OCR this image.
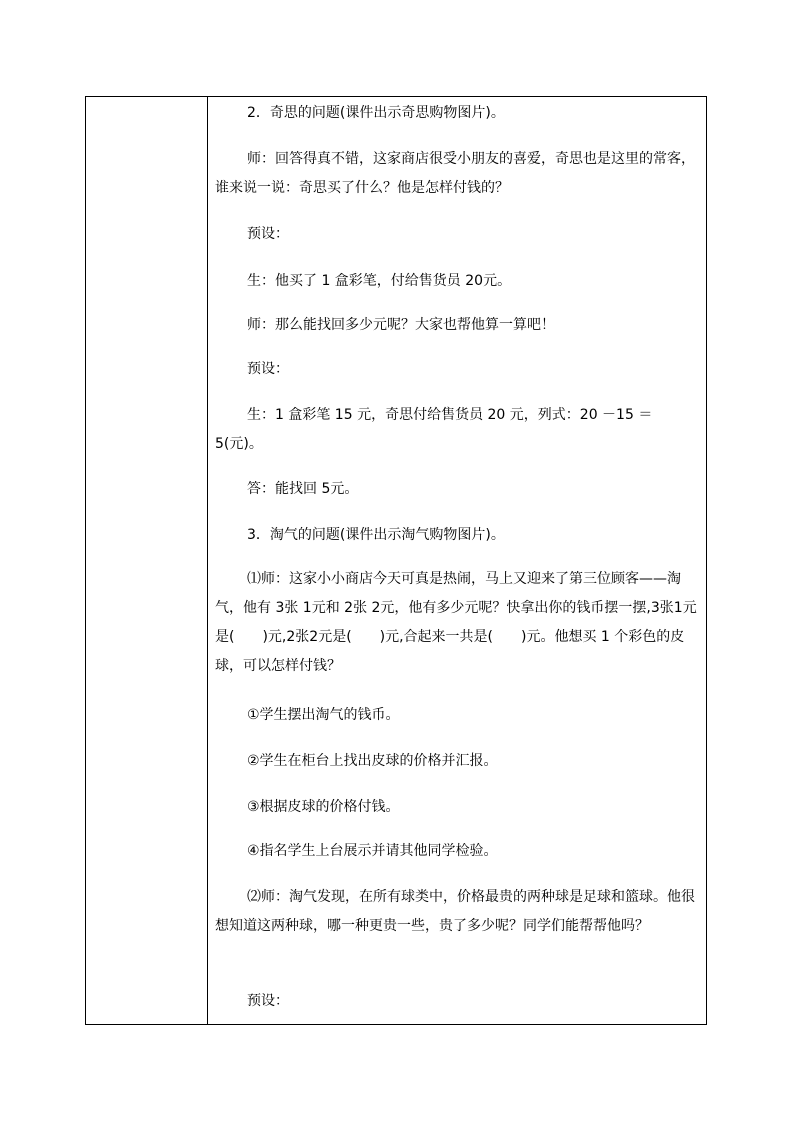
2．奇思的问题(课件出示奇思购物图片)。

师：回答得真不错，这家商店很受小朋友的喜爱，奇思也是这里的常客，谁来说一说：奇思买了什么？他是怎样付钱的？

预设：

生：他买了 1 盒彩笔，付给售货员 20元。

师：那么能找回多少元呢？大家也帮他算一算吧！

预设：

生：1 盒彩笔 15 元，奇思付给售货员 20 元，列式：20 －15 ＝5(元)。

答：能找回 5元。

3．淘气的问题(课件出示淘气购物图片)。

⑴师：这家小小商店今天可真是热闹，马上又迎来了第三位顾客——淘气，他有 3张 1元和 2张 2元，他有多少元呢？快拿出你的钱币摆一摆,3张1元是(　　)元,2张2元是(　　)元,合起来一共是(　　)元。他想买 1 个彩色的皮球，可以怎样付钱？

①学生摆出淘气的钱币。

②学生在柜台上找出皮球的价格并汇报。

③根据皮球的价格付钱。

④指名学生上台展示并请其他同学检验。

⑵师：淘气发现，在所有球类中，价格最贵的两种球是足球和篮球。他很想知道这两种球，哪一种更贵一些，贵了多少呢？同学们能帮帮他吗？

预设：
